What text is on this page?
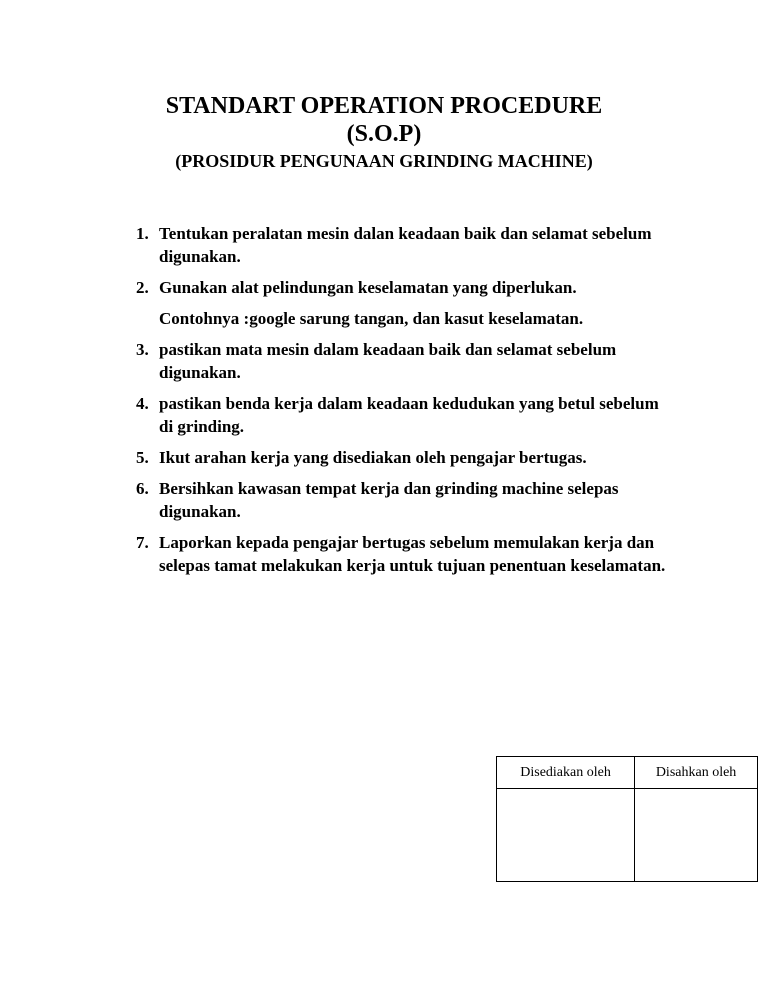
STANDART OPERATION PROCEDURE
(S.O.P)
(PROSIDUR PENGUNAAN GRINDING MACHINE)
1. Tentukan peralatan mesin dalan keadaan baik dan selamat sebelum digunakan.
2. Gunakan alat pelindungan keselamatan yang diperlukan.
Contohnya :google sarung tangan, dan kasut keselamatan.
3. pastikan mata mesin dalam keadaan baik dan selamat sebelum digunakan.
4. pastikan benda kerja dalam keadaan kedudukan yang betul sebelum di grinding.
5. Ikut arahan kerja yang disediakan oleh pengajar bertugas.
6. Bersihkan kawasan tempat kerja dan grinding machine selepas digunakan.
7. Laporkan kepada pengajar bertugas sebelum memulakan kerja dan selepas tamat melakukan kerja untuk tujuan penentuan keselamatan.
Disediakan oleh	Disahkan oleh
